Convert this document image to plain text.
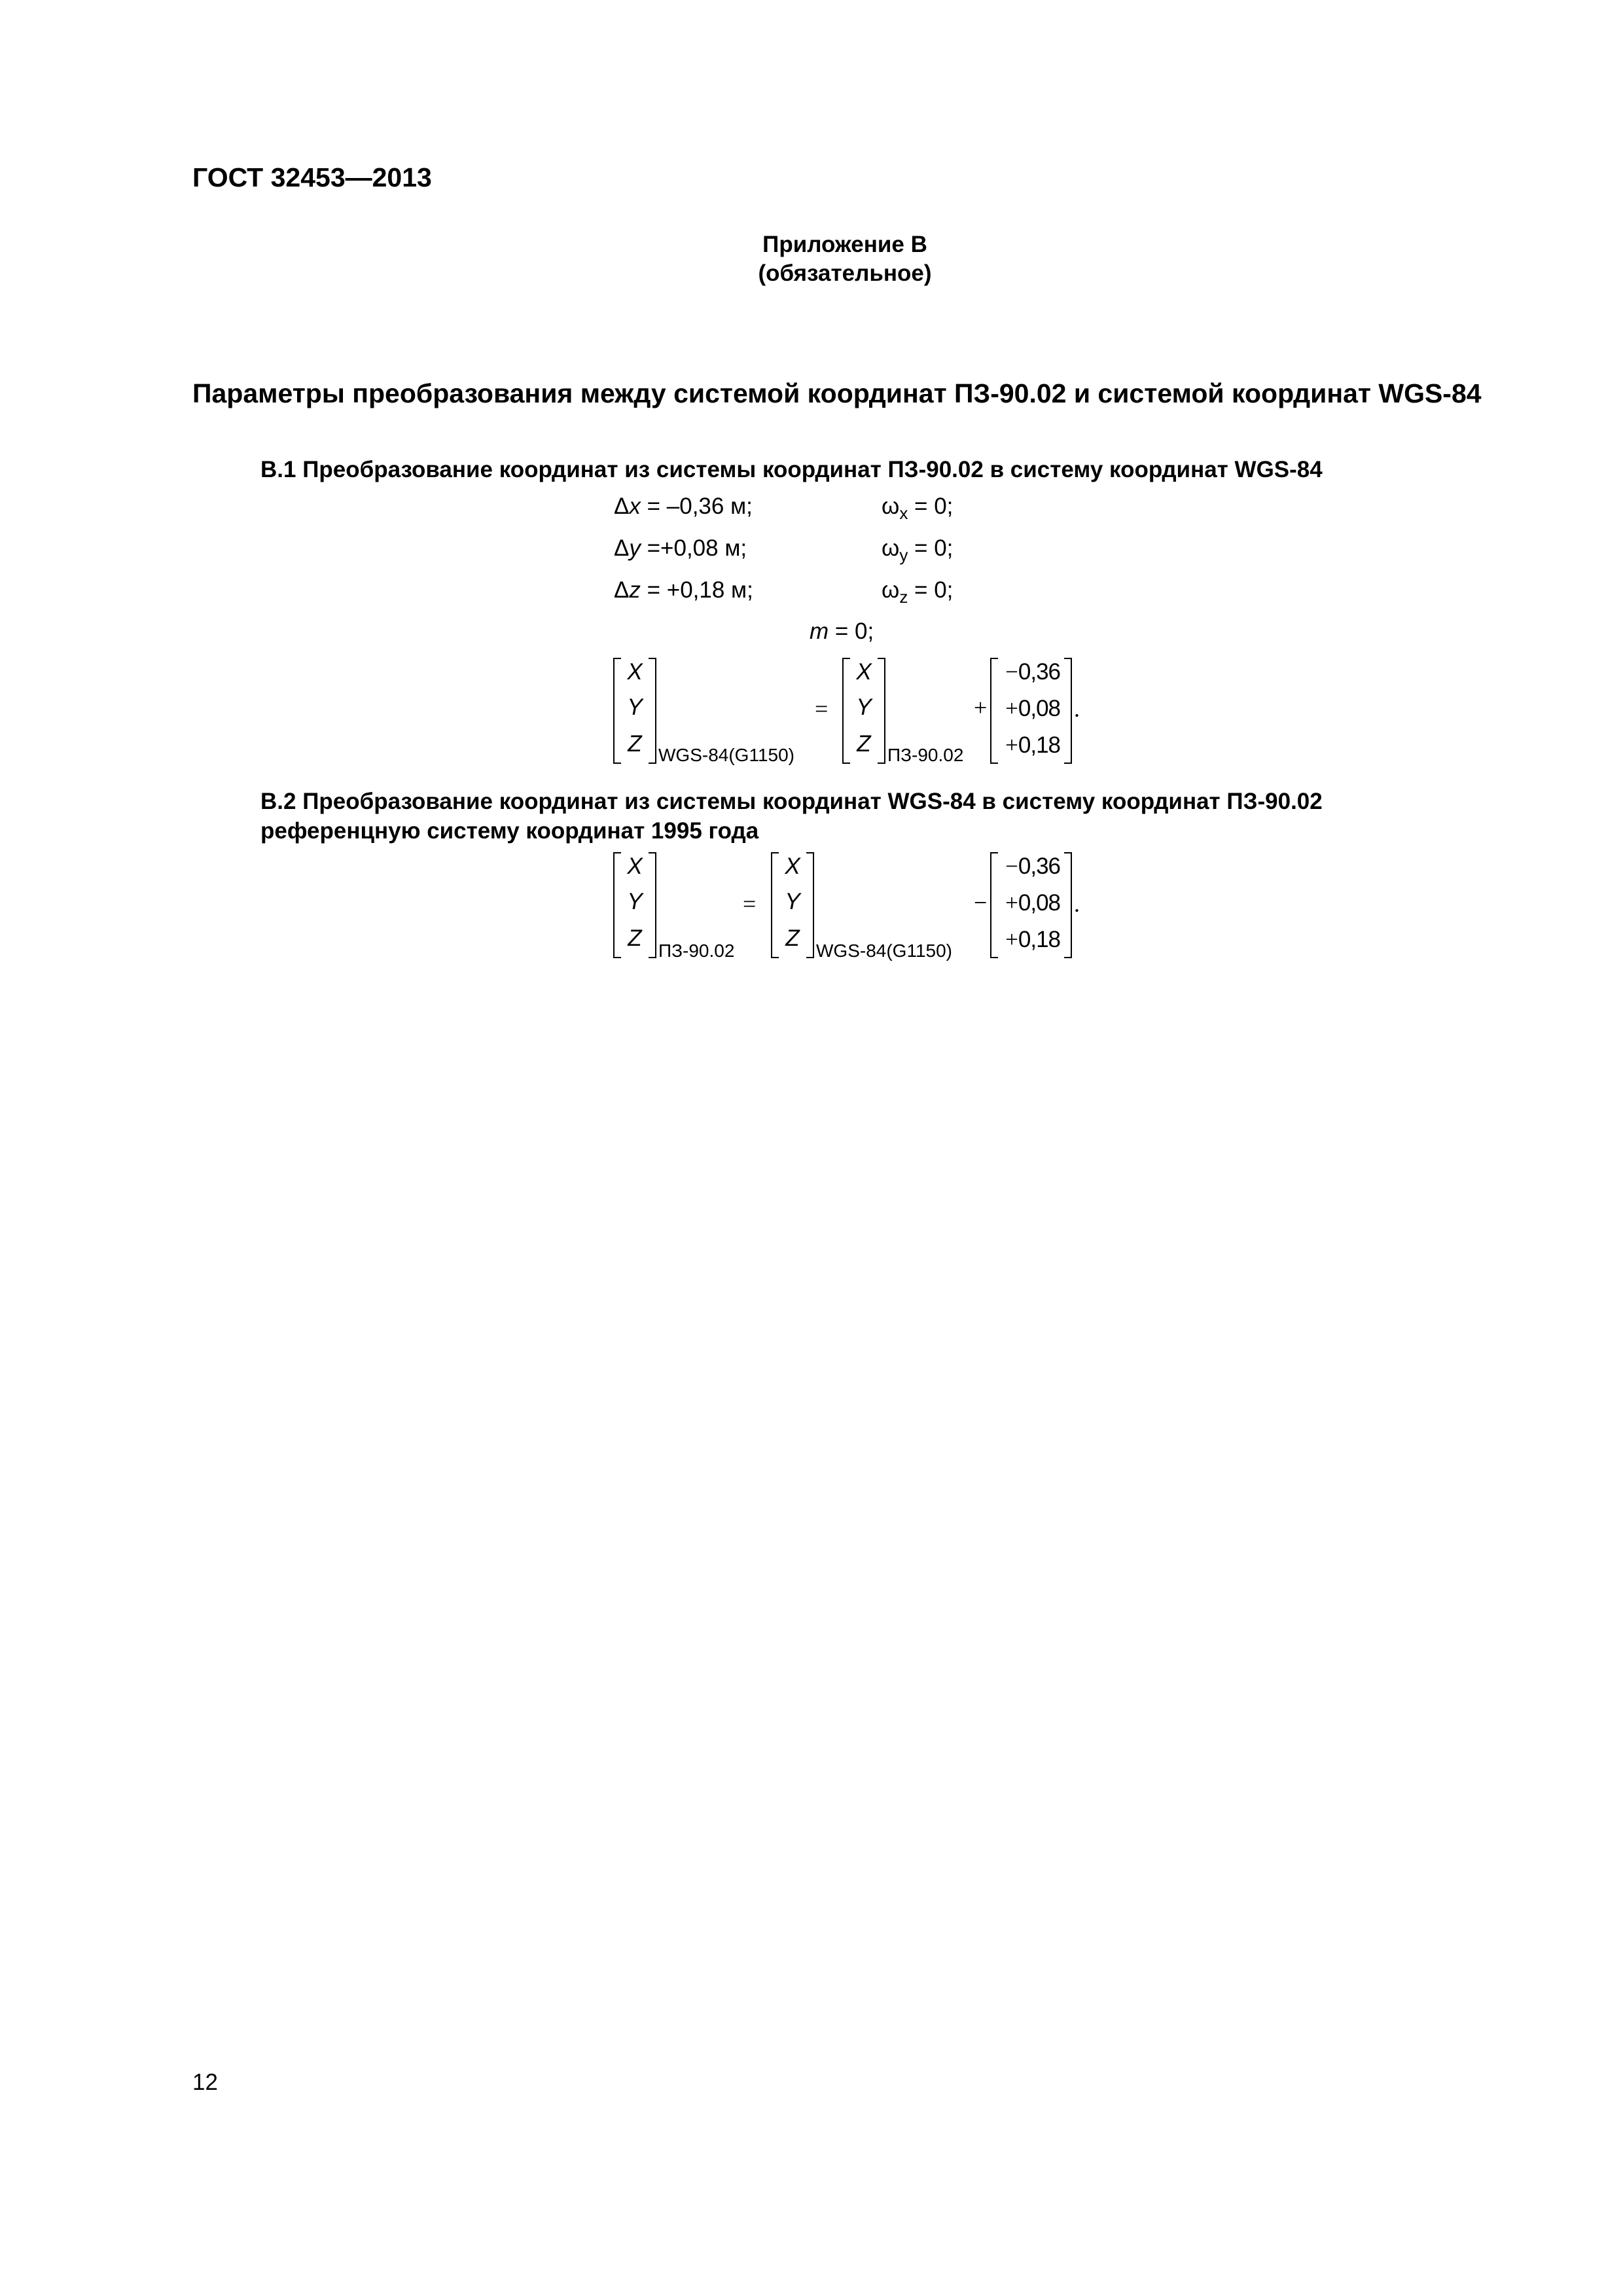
ГОСТ 32453—2013
Приложение В
(обязательное)
Параметры преобразования между системой координат ПЗ-90.02 и системой координат WGS-84
В.1 Преобразование координат из системы координат ПЗ-90.02 в систему координат WGS-84
Δx = –0,36 м;
Δy =+0,08 м;
Δz = +0,18 м;
$\omega_x = 0$;
$\omega_y = 0$;
$\omega_z = 0$;
m = 0;
X
Y
Z WGS-84(G1150)
=
X
Y
Z ПЗ-90.02
+
−0,36
+0,08
+0,18
.
В.2 Преобразование координат из системы координат WGS-84 в систему координат ПЗ-90.02
референцную систему координат 1995 года
X
Y
Z ПЗ-90.02
=
X
Y
Z WGS-84(G1150)
−
−0,36
+0,08
+0,18
.
12
